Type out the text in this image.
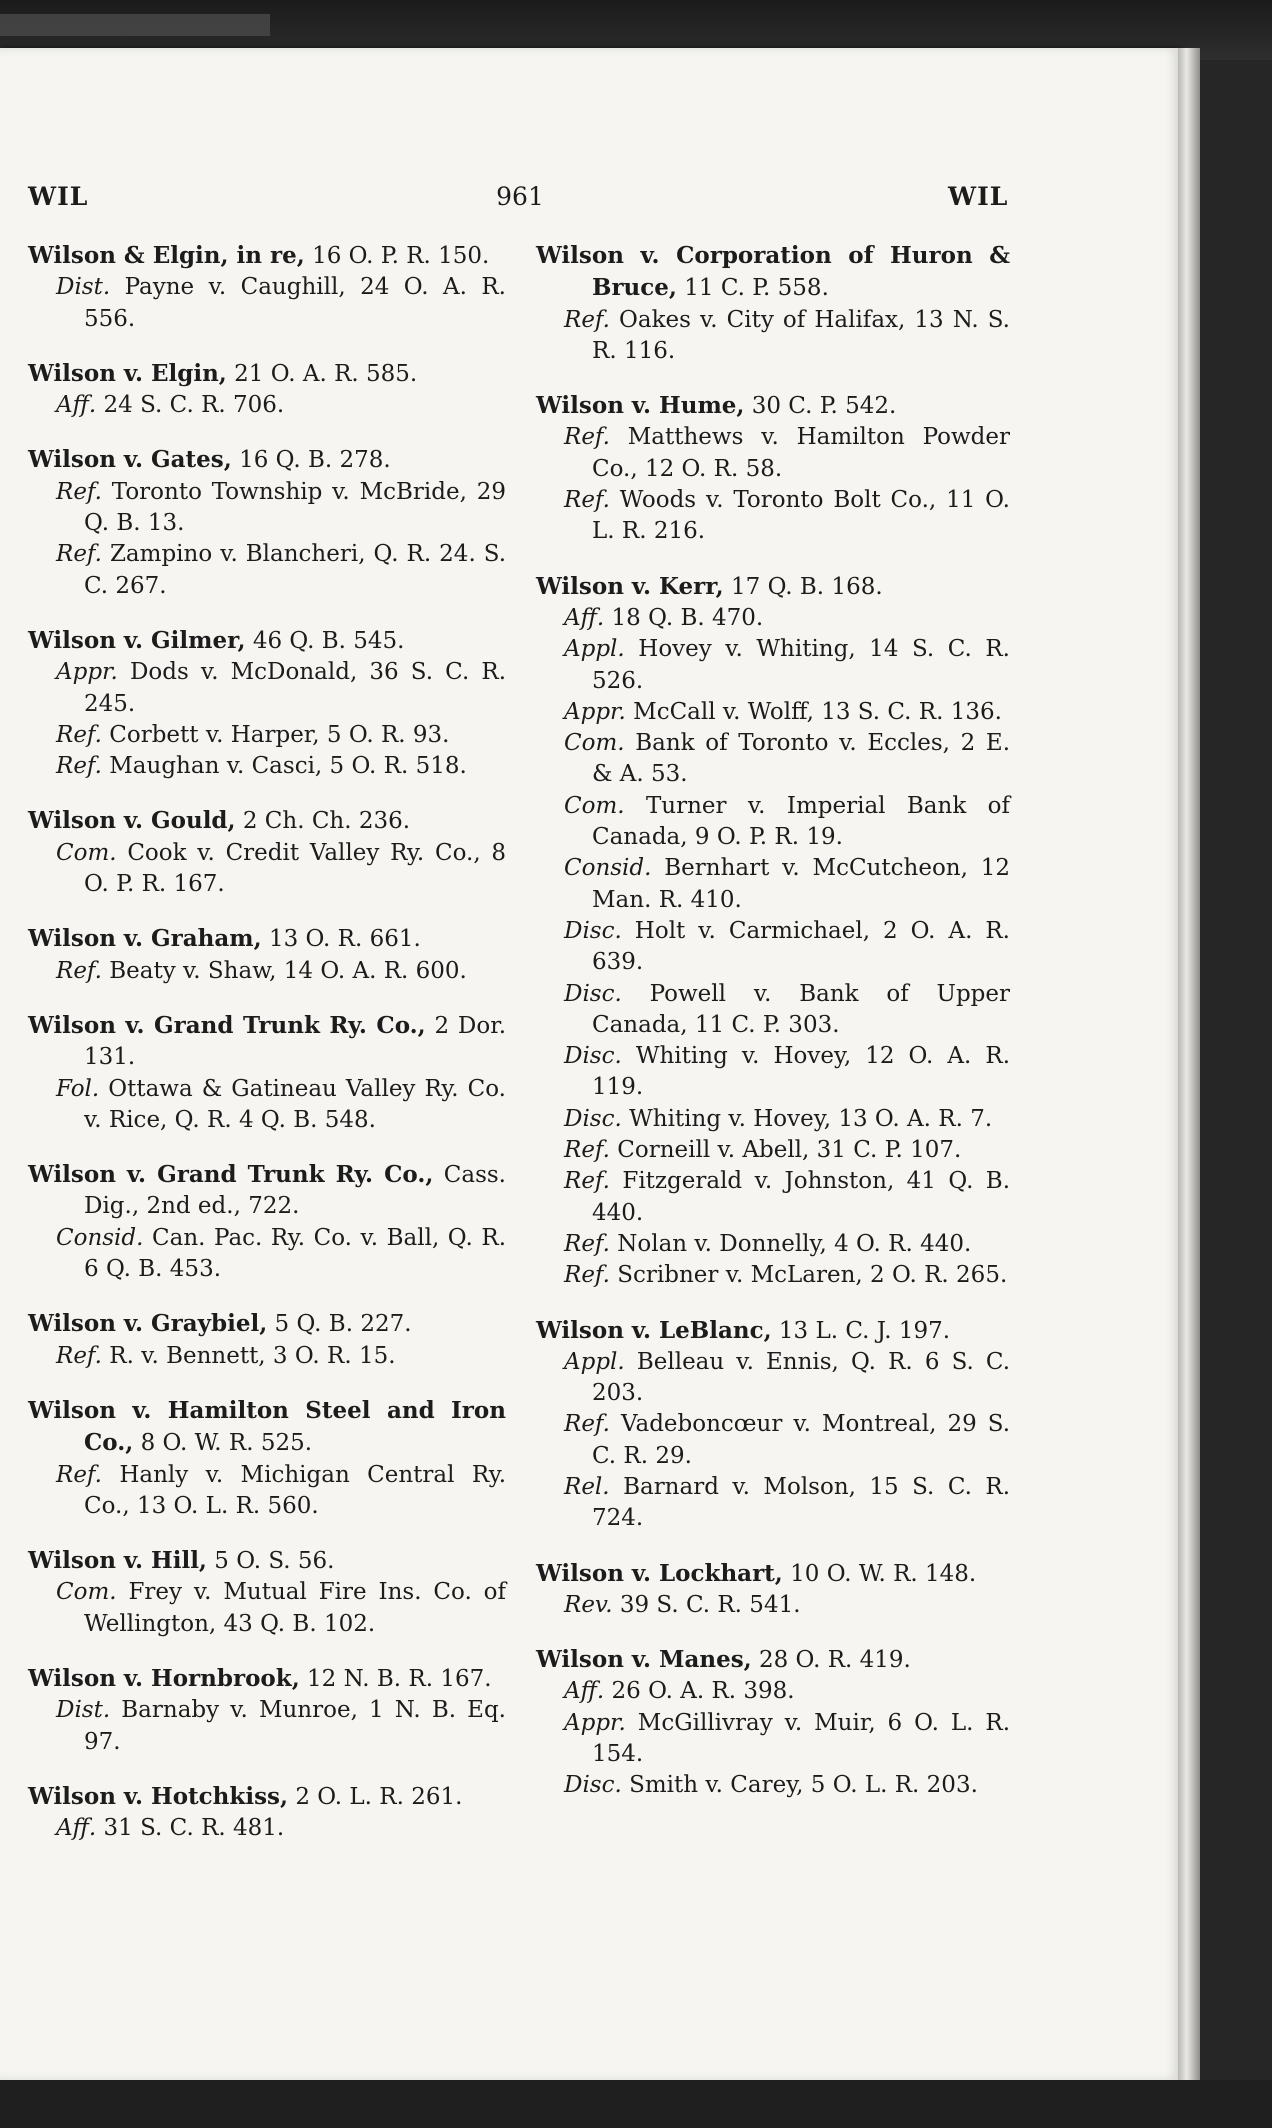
WIL	961	WIL
Wilson & Elgin, in re, 16 O. P. R. 150.
Dist. Payne v. Caughill, 24 O. A. R. 556.
Wilson v. Elgin, 21 O. A. R. 585.
Aff. 24 S. C. R. 706.
Wilson v. Gates, 16 Q. B. 278.
Ref. Toronto Township v. McBride, 29 Q. B. 13.
Ref. Zampino v. Blancheri, Q. R. 24. S. C. 267.
Wilson v. Gilmer, 46 Q. B. 545.
Appr. Dods v. McDonald, 36 S. C. R. 245.
Ref. Corbett v. Harper, 5 O. R. 93.
Ref. Maughan v. Casci, 5 O. R. 518.
Wilson v. Gould, 2 Ch. Ch. 236.
Com. Cook v. Credit Valley Ry. Co., 8 O. P. R. 167.
Wilson v. Graham, 13 O. R. 661.
Ref. Beaty v. Shaw, 14 O. A. R. 600.
Wilson v. Grand Trunk Ry. Co., 2 Dor. 131.
Fol. Ottawa & Gatineau Valley Ry. Co. v. Rice, Q. R. 4 Q. B. 548.
Wilson v. Grand Trunk Ry. Co., Cass. Dig., 2nd ed., 722.
Consid. Can. Pac. Ry. Co. v. Ball, Q. R. 6 Q. B. 453.
Wilson v. Graybiel, 5 Q. B. 227.
Ref. R. v. Bennett, 3 O. R. 15.
Wilson v. Hamilton Steel and Iron Co., 8 O. W. R. 525.
Ref. Hanly v. Michigan Central Ry. Co., 13 O. L. R. 560.
Wilson v. Hill, 5 O. S. 56.
Com. Frey v. Mutual Fire Ins. Co. of Wellington, 43 Q. B. 102.
Wilson v. Hornbrook, 12 N. B. R. 167.
Dist. Barnaby v. Munroe, 1 N. B. Eq. 97.
Wilson v. Hotchkiss, 2 O. L. R. 261.
Aff. 31 S. C. R. 481.
Wilson v. Corporation of Huron & Bruce, 11 C. P. 558.
Ref. Oakes v. City of Halifax, 13 N. S. R. 116.
Wilson v. Hume, 30 C. P. 542.
Ref. Matthews v. Hamilton Powder Co., 12 O. R. 58.
Ref. Woods v. Toronto Bolt Co., 11 O. L. R. 216.
Wilson v. Kerr, 17 Q. B. 168.
Aff. 18 Q. B. 470.
Appl. Hovey v. Whiting, 14 S. C. R. 526.
Appr. McCall v. Wolff, 13 S. C. R. 136.
Com. Bank of Toronto v. Eccles, 2 E. & A. 53.
Com. Turner v. Imperial Bank of Canada, 9 O. P. R. 19.
Consid. Bernhart v. McCutcheon, 12 Man. R. 410.
Disc. Holt v. Carmichael, 2 O. A. R. 639.
Disc. Powell v. Bank of Upper Canada, 11 C. P. 303.
Disc. Whiting v. Hovey, 12 O. A. R. 119.
Disc. Whiting v. Hovey, 13 O. A. R. 7.
Ref. Corneill v. Abell, 31 C. P. 107.
Ref. Fitzgerald v. Johnston, 41 Q. B. 440.
Ref. Nolan v. Donnelly, 4 O. R. 440.
Ref. Scribner v. McLaren, 2 O. R. 265.
Wilson v. LeBlanc, 13 L. C. J. 197.
Appl. Belleau v. Ennis, Q. R. 6 S. C. 203.
Ref. Vadeboncœur v. Montreal, 29 S. C. R. 29.
Rel. Barnard v. Molson, 15 S. C. R. 724.
Wilson v. Lockhart, 10 O. W. R. 148.
Rev. 39 S. C. R. 541.
Wilson v. Manes, 28 O. R. 419.
Aff. 26 O. A. R. 398.
Appr. McGillivray v. Muir, 6 O. L. R. 154.
Disc. Smith v. Carey, 5 O. L. R. 203.
